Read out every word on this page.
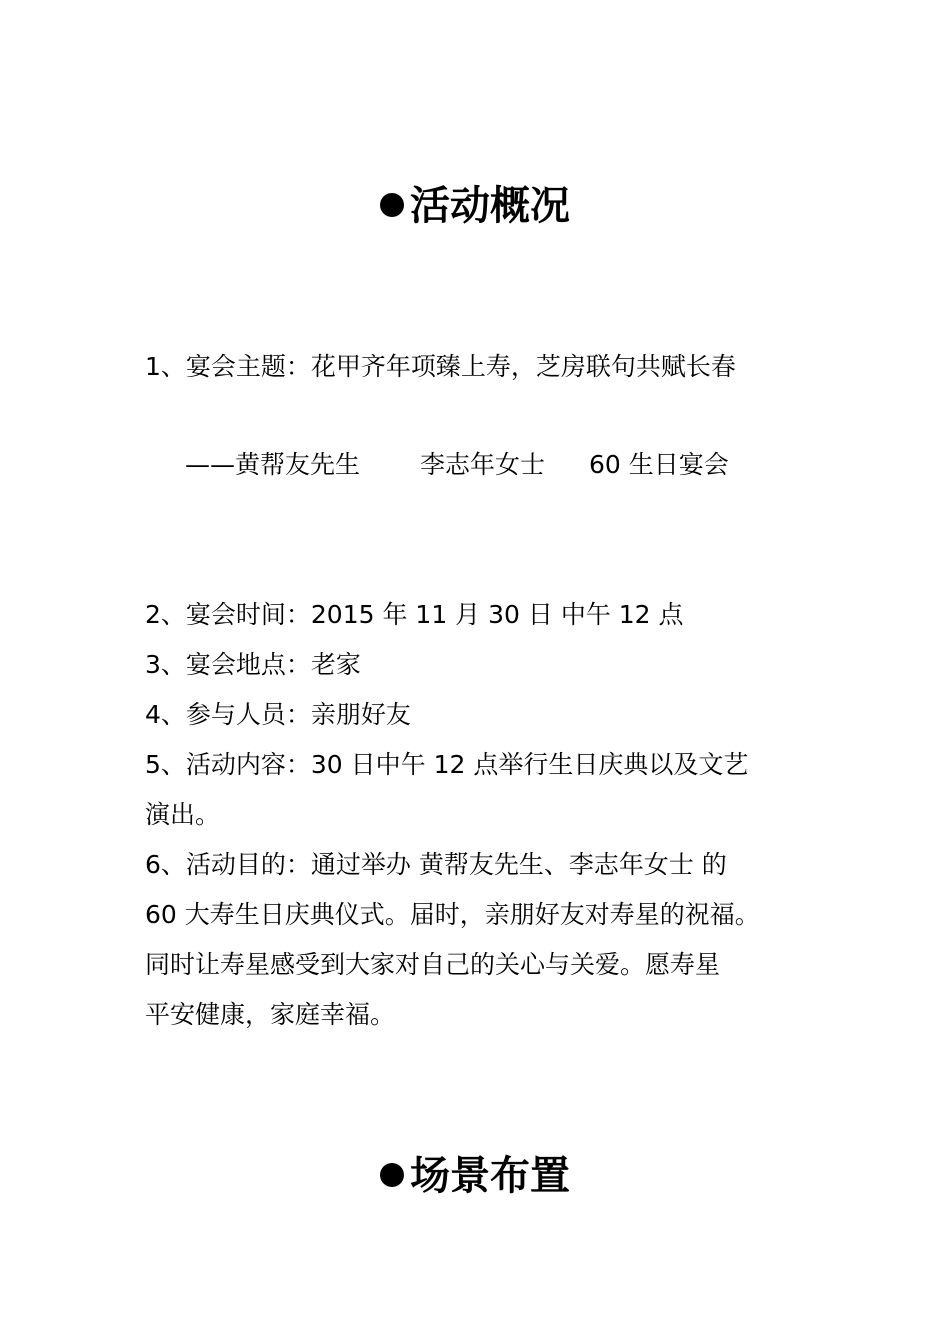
活动概况
1、宴会主题：花甲齐年项臻上寿，芝房联句共赋长春
——黄帮友先生 李志年女士 60 生日宴会
2、宴会时间：2015 年 11 月 30 日 中午 12 点
3、宴会地点：老家
4、参与人员：亲朋好友
5、活动内容：30 日中午 12 点举行生日庆典以及文艺
演出。
6、活动目的：通过举办 黄帮友先生、李志年女士 的
60 大寿生日庆典仪式。届时，亲朋好友对寿星的祝福。
同时让寿星感受到大家对自己的关心与关爱。愿寿星
平安健康，家庭幸福。
场景布置
